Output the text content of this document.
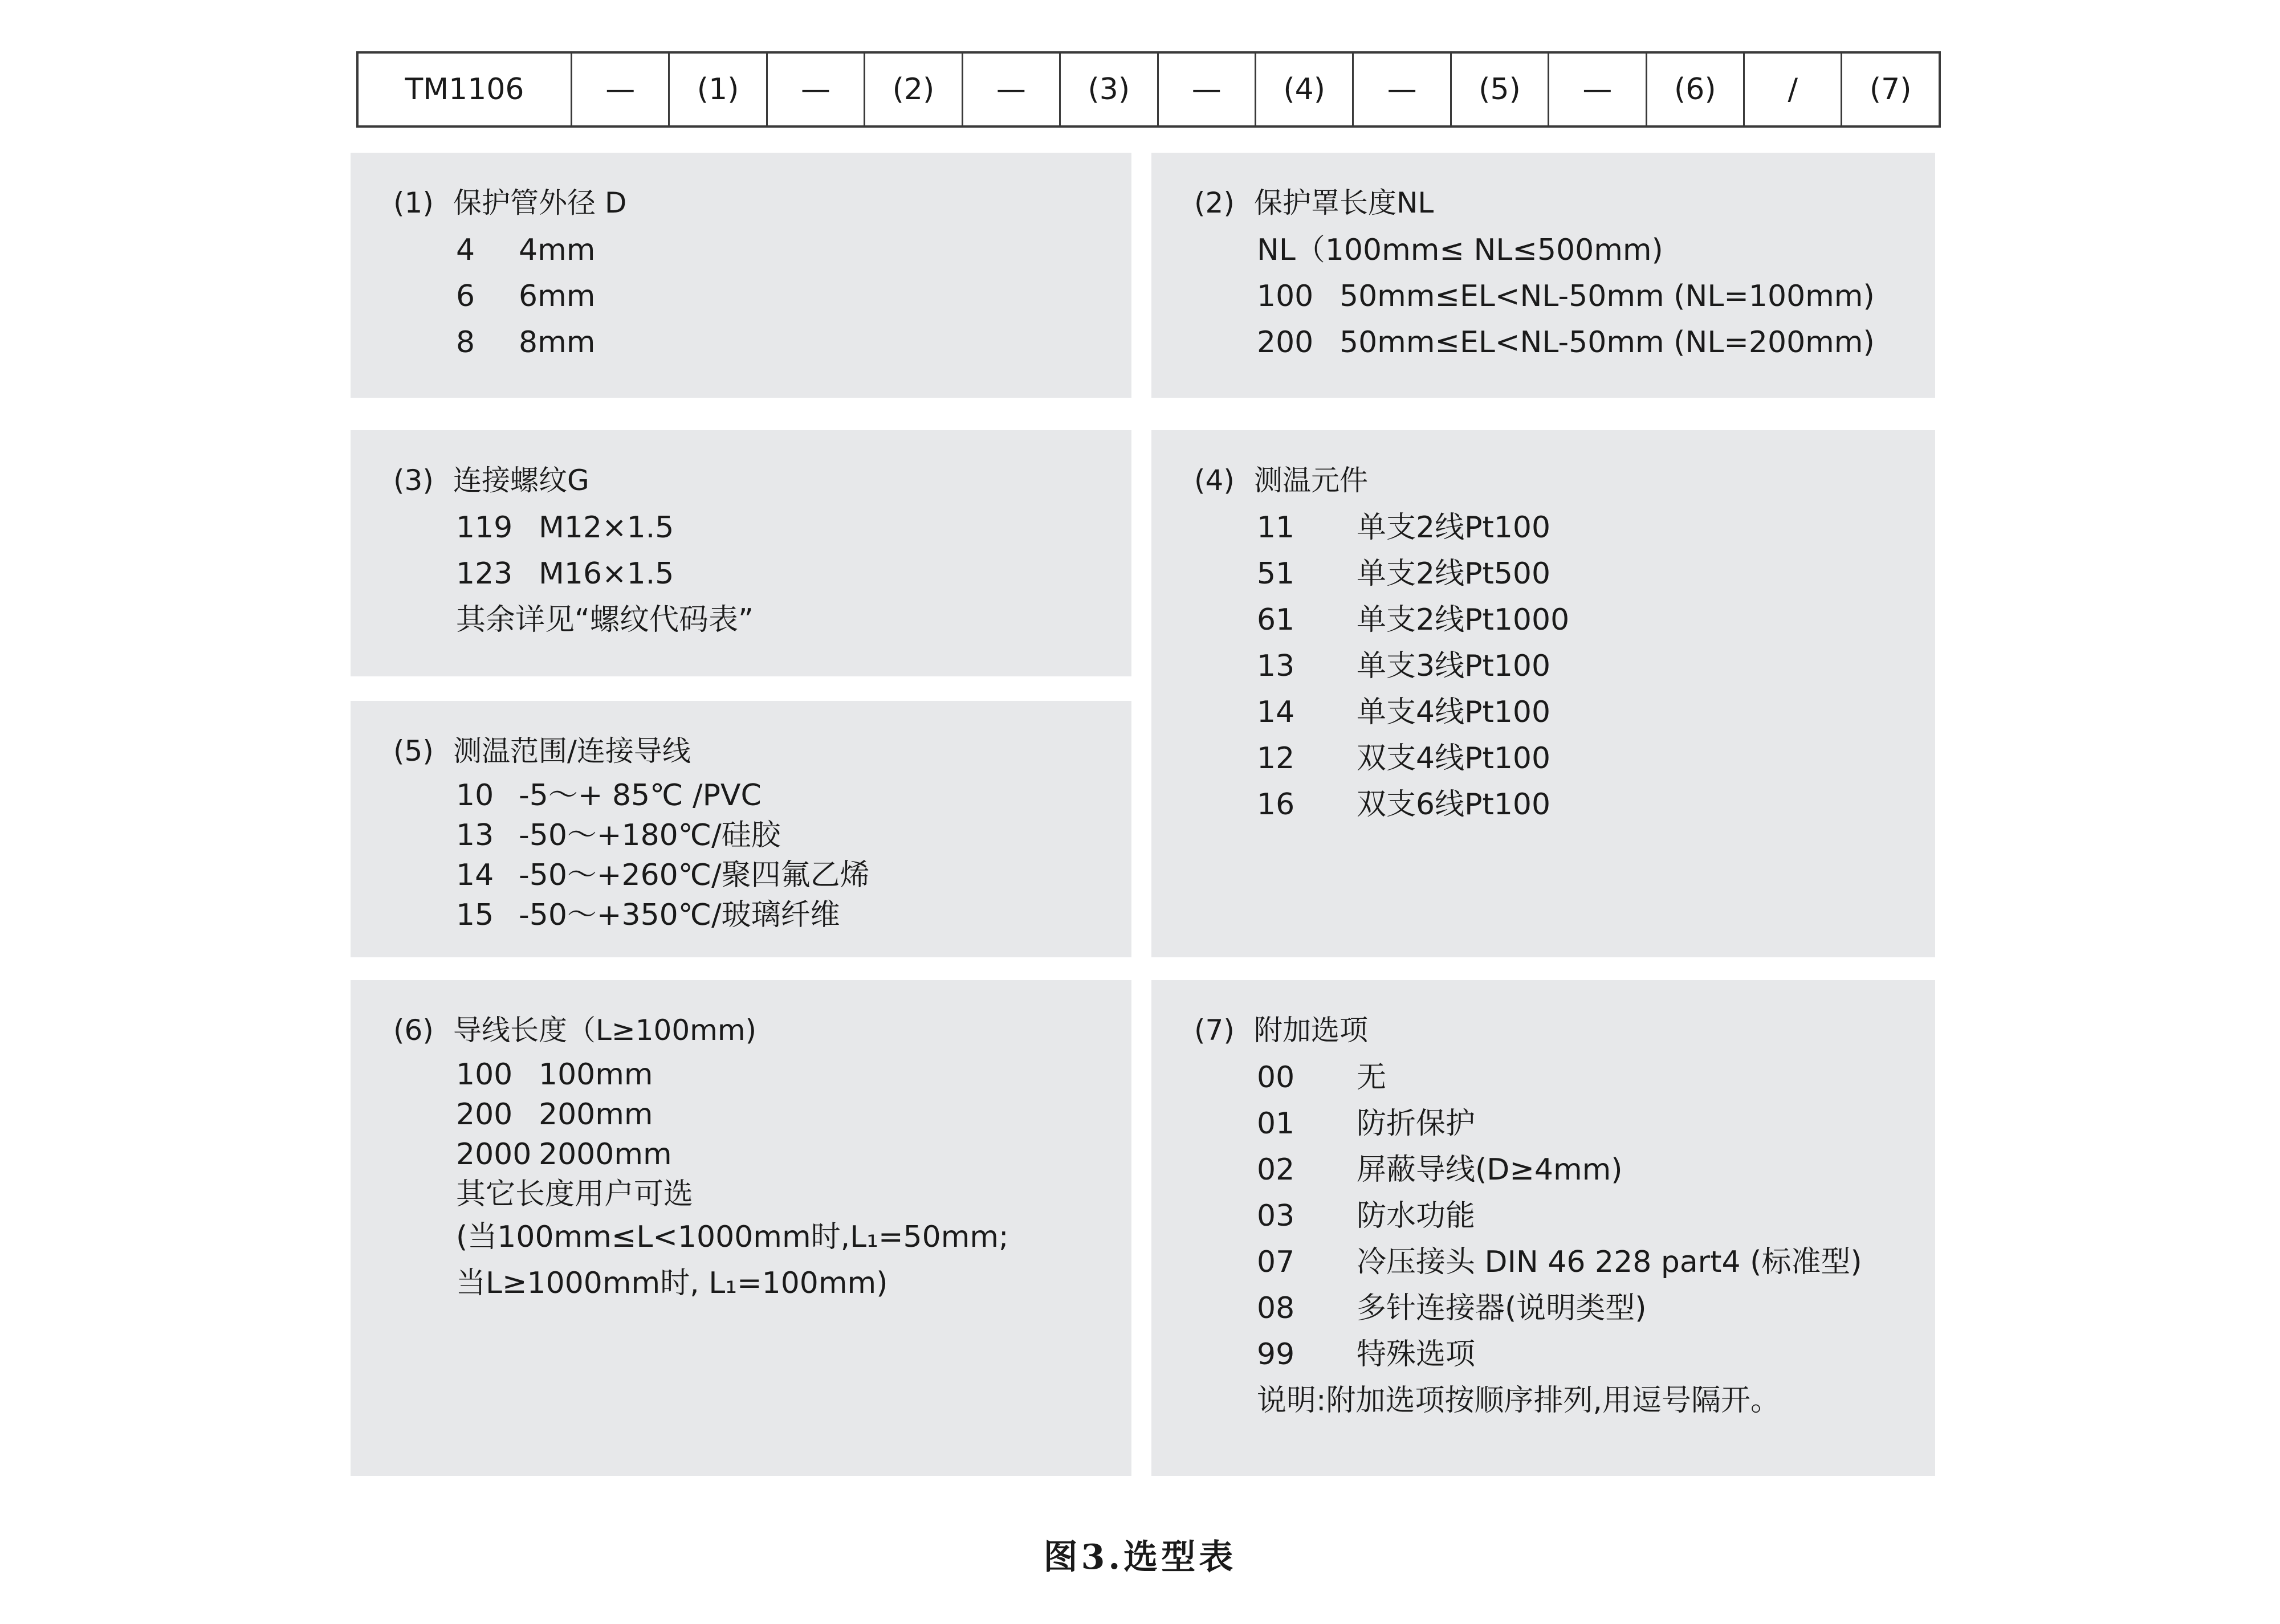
TM1106	—	(1)	—	(2)	—	(3)	—	(4)	—	(5)	—	(6)	/	(7)
(1) 保护管外径 D
4 4mm
6 6mm
8 8mm
(2) 保护罩长度NL
NL（100mm≤ NL≤500mm)
100 50mm≤EL<NL-50mm (NL=100mm)
200 50mm≤EL<NL-50mm (NL=200mm)
(3) 连接螺纹G
119 M12×1.5
123 M16×1.5
其余详见“螺纹代码表”
(4) 测温元件
11 单支2线Pt100
51 单支2线Pt500
61 单支2线Pt1000
13 单支3线Pt100
14 单支4线Pt100
12 双支4线Pt100
16 双支6线Pt100
(5) 测温范围/连接导线
10 -5～+ 85℃ /PVC
13 -50～+180℃/硅胶
14 -50～+260℃/聚四氟乙烯
15 -50～+350℃/玻璃纤维
(6) 导线长度（L≥100mm)
100 100mm
200 200mm
2000 2000mm
其它长度用户可选
(当100mm≤L<1000mm时,L₁=50mm;
当L≥1000mm时, L₁=100mm)
(7) 附加选项
00 无
01 防折保护
02 屏蔽导线(D≥4mm)
03 防水功能
07 冷压接头 DIN 46 228 part4 (标准型)
08 多针连接器(说明类型)
99 特殊选项
说明:附加选项按顺序排列,用逗号隔开。
图3.选型表
